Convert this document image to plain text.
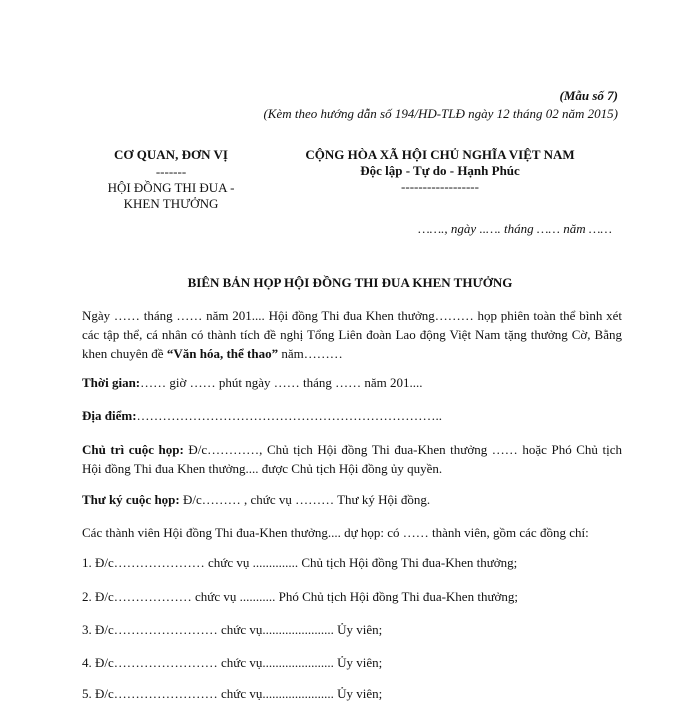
(Mẫu số 7)
(Kèm theo hướng dẫn số 194/HD-TLĐ ngày 12 tháng 02 năm 2015)
CƠ QUAN, ĐƠN VỊ
-------
HỘI ĐỒNG THI ĐUA -
KHEN THƯỞNG
CỘNG HÒA XÃ HỘI CHỦ NGHĨA VIỆT NAM
Độc lập - Tự do - Hạnh Phúc
------------------
……., ngày ..…. tháng …… năm ……
BIÊN BẢN HỌP HỘI ĐỒNG THI ĐUA KHEN THƯỞNG
Ngày …… tháng …… năm 201.... Hội đồng Thi đua Khen thưởng……… họp phiên toàn thể bình xét các tập thể, cá nhân có thành tích đề nghị Tổng Liên đoàn Lao động Việt Nam tặng thưởng Cờ, Bằng khen chuyên đề “Văn hóa, thể thao” năm………
Thời gian:…… giờ …… phút ngày …… tháng …… năm 201....
Địa điểm:……………………………………………………………..
Chủ trì cuộc họp: Đ/c…………, Chủ tịch Hội đồng Thi đua-Khen thưởng …… hoặc Phó Chủ tịch Hội đồng Thi đua Khen thưởng.... được Chủ tịch Hội đồng ủy quyền.
Thư ký cuộc họp: Đ/c……… , chức vụ ……… Thư ký Hội đồng.
Các thành viên Hội đồng Thi đua-Khen thưởng.... dự họp: có …… thành viên, gồm các đồng chí:
1. Đ/c………………… chức vụ .............. Chủ tịch Hội đồng Thi đua-Khen thưởng;
2. Đ/c……………… chức vụ ........... Phó Chủ tịch Hội đồng Thi đua-Khen thưởng;
3. Đ/c…………………… chức vụ...................... Ủy viên;
4. Đ/c…………………… chức vụ...................... Ủy viên;
5. Đ/c…………………… chức vụ...................... Ủy viên;
